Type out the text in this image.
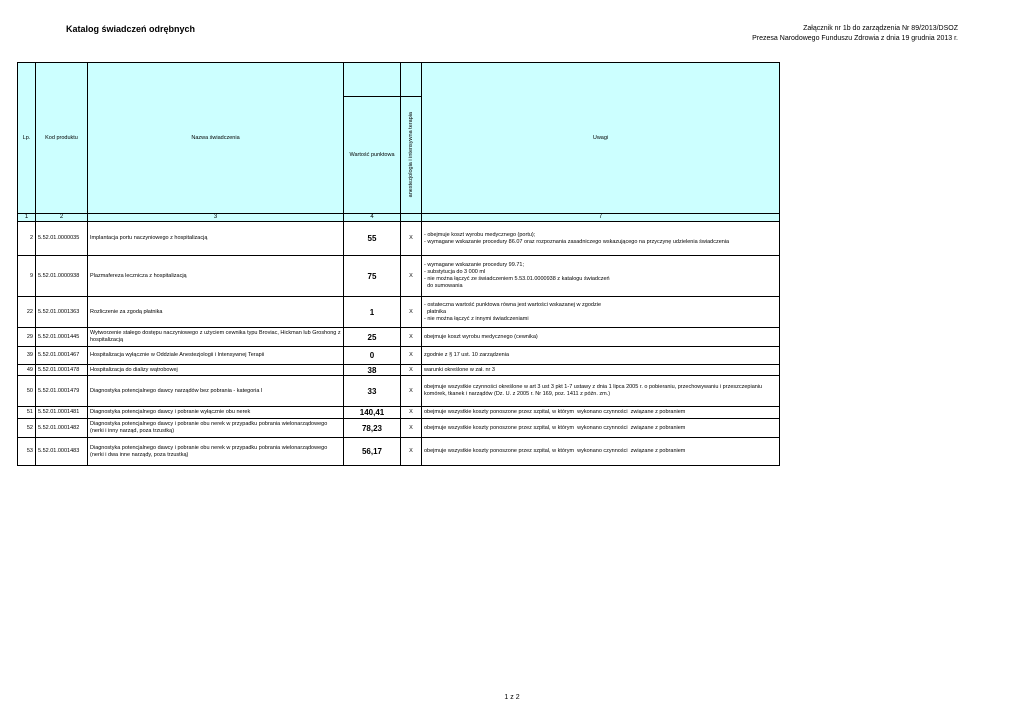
Katalog świadczeń odrębnych	Załącznik nr 1b do zarządzenia Nr 89/2013/DSOZ
Prezesa Narodowego Funduszu Zdrowia z dnia 19 grudnia 2013 r.
Lp.	Kod produktu	Nazwa świadczenia			Uwagi
			Wartość punktowa	anestezjologia i intensywna terapia	

1	2	3	4		7
2	5.52.01.0000035	Implantacja portu naczyniowego z hospitalizacją	55	X	- obejmuje koszt wyrobu medycznego (portu);
- wymagane wskazanie procedury 86.07 oraz rozpoznania zasadniczego wskazującego na przyczynę udzielenia świadczenia

9	5.52.01.0000938	Plazmafereza lecznicza z hospitalizacją	75	X	- wymagane wskazanie procedury 99.71;
- substytucja do 3 000 ml
- nie można łączyć ze świadczeniem 5.53.01.0000938 z katalogu świadczeń
do sumowania

22	5.52.01.0001363	Rozliczenie za zgodą płatnika	1	X	- ostateczna wartość punktowa równa jest wartości wskazanej w zgodzie
płatnika
- nie można łączyć z innymi świadczeniami

29	5.52.01.0001445	Wytworzenie stałego dostępu naczyniowego z użyciem cewnika typu Broviac, Hickman lub Groshong z hospitalizacją	25	X	obejmuje koszt wyrobu medycznego (cewnika)

39	5.52.01.0001467	Hospitalizacja wyłącznie w Oddziale Anestezjologii i Intensywnej Terapii	0	X	zgodnie z § 17 ust. 10 zarządzenia

49	5.52.01.0001478	Hospitalizacja do dializy wątrobowej	38	X	warunki określone w zał. nr 3

50	5.52.01.0001479	Diagnostyka potencjalnego dawcy narządów bez pobrania - kategoria I	33	X	obejmuje wszystkie czynności określone w art 3 ust 3 pkt 1-7 ustawy z dnia 1 lipca 2005 r. o pobieraniu, przechowywaniu i przeszczepianiu komórek, tkanek i narządów (Dz. U. z 2005 r. Nr 169, poz. 1411 z późn. zm.)

51	5.52.01.0001481	Diagnostyka potencjalnego dawcy i pobranie wyłącznie obu nerek	140,41	X	obejmuje wszystkie koszty ponoszone przez szpital, w którym  wykonano czynności  związane z pobraniem

52	5.52.01.0001482	Diagnostyka potencjalnego dawcy i pobranie obu nerek w przypadku pobrania wielonarządowego (nerki i inny narząd, poza trzustką)	78,23	X	obejmuje wszystkie koszty ponoszone przez szpital, w którym  wykonano czynności  związane z pobraniem

53	5.52.01.0001483	Diagnostyka potencjalnego dawcy i pobranie obu nerek w przypadku pobrania wielonarządowego (nerki i dwa inne narządy, poza trzustką)	56,17	X	obejmuje wszystkie koszty ponoszone przez szpital, w którym  wykonano czynności  związane z pobraniem
1 z 2
